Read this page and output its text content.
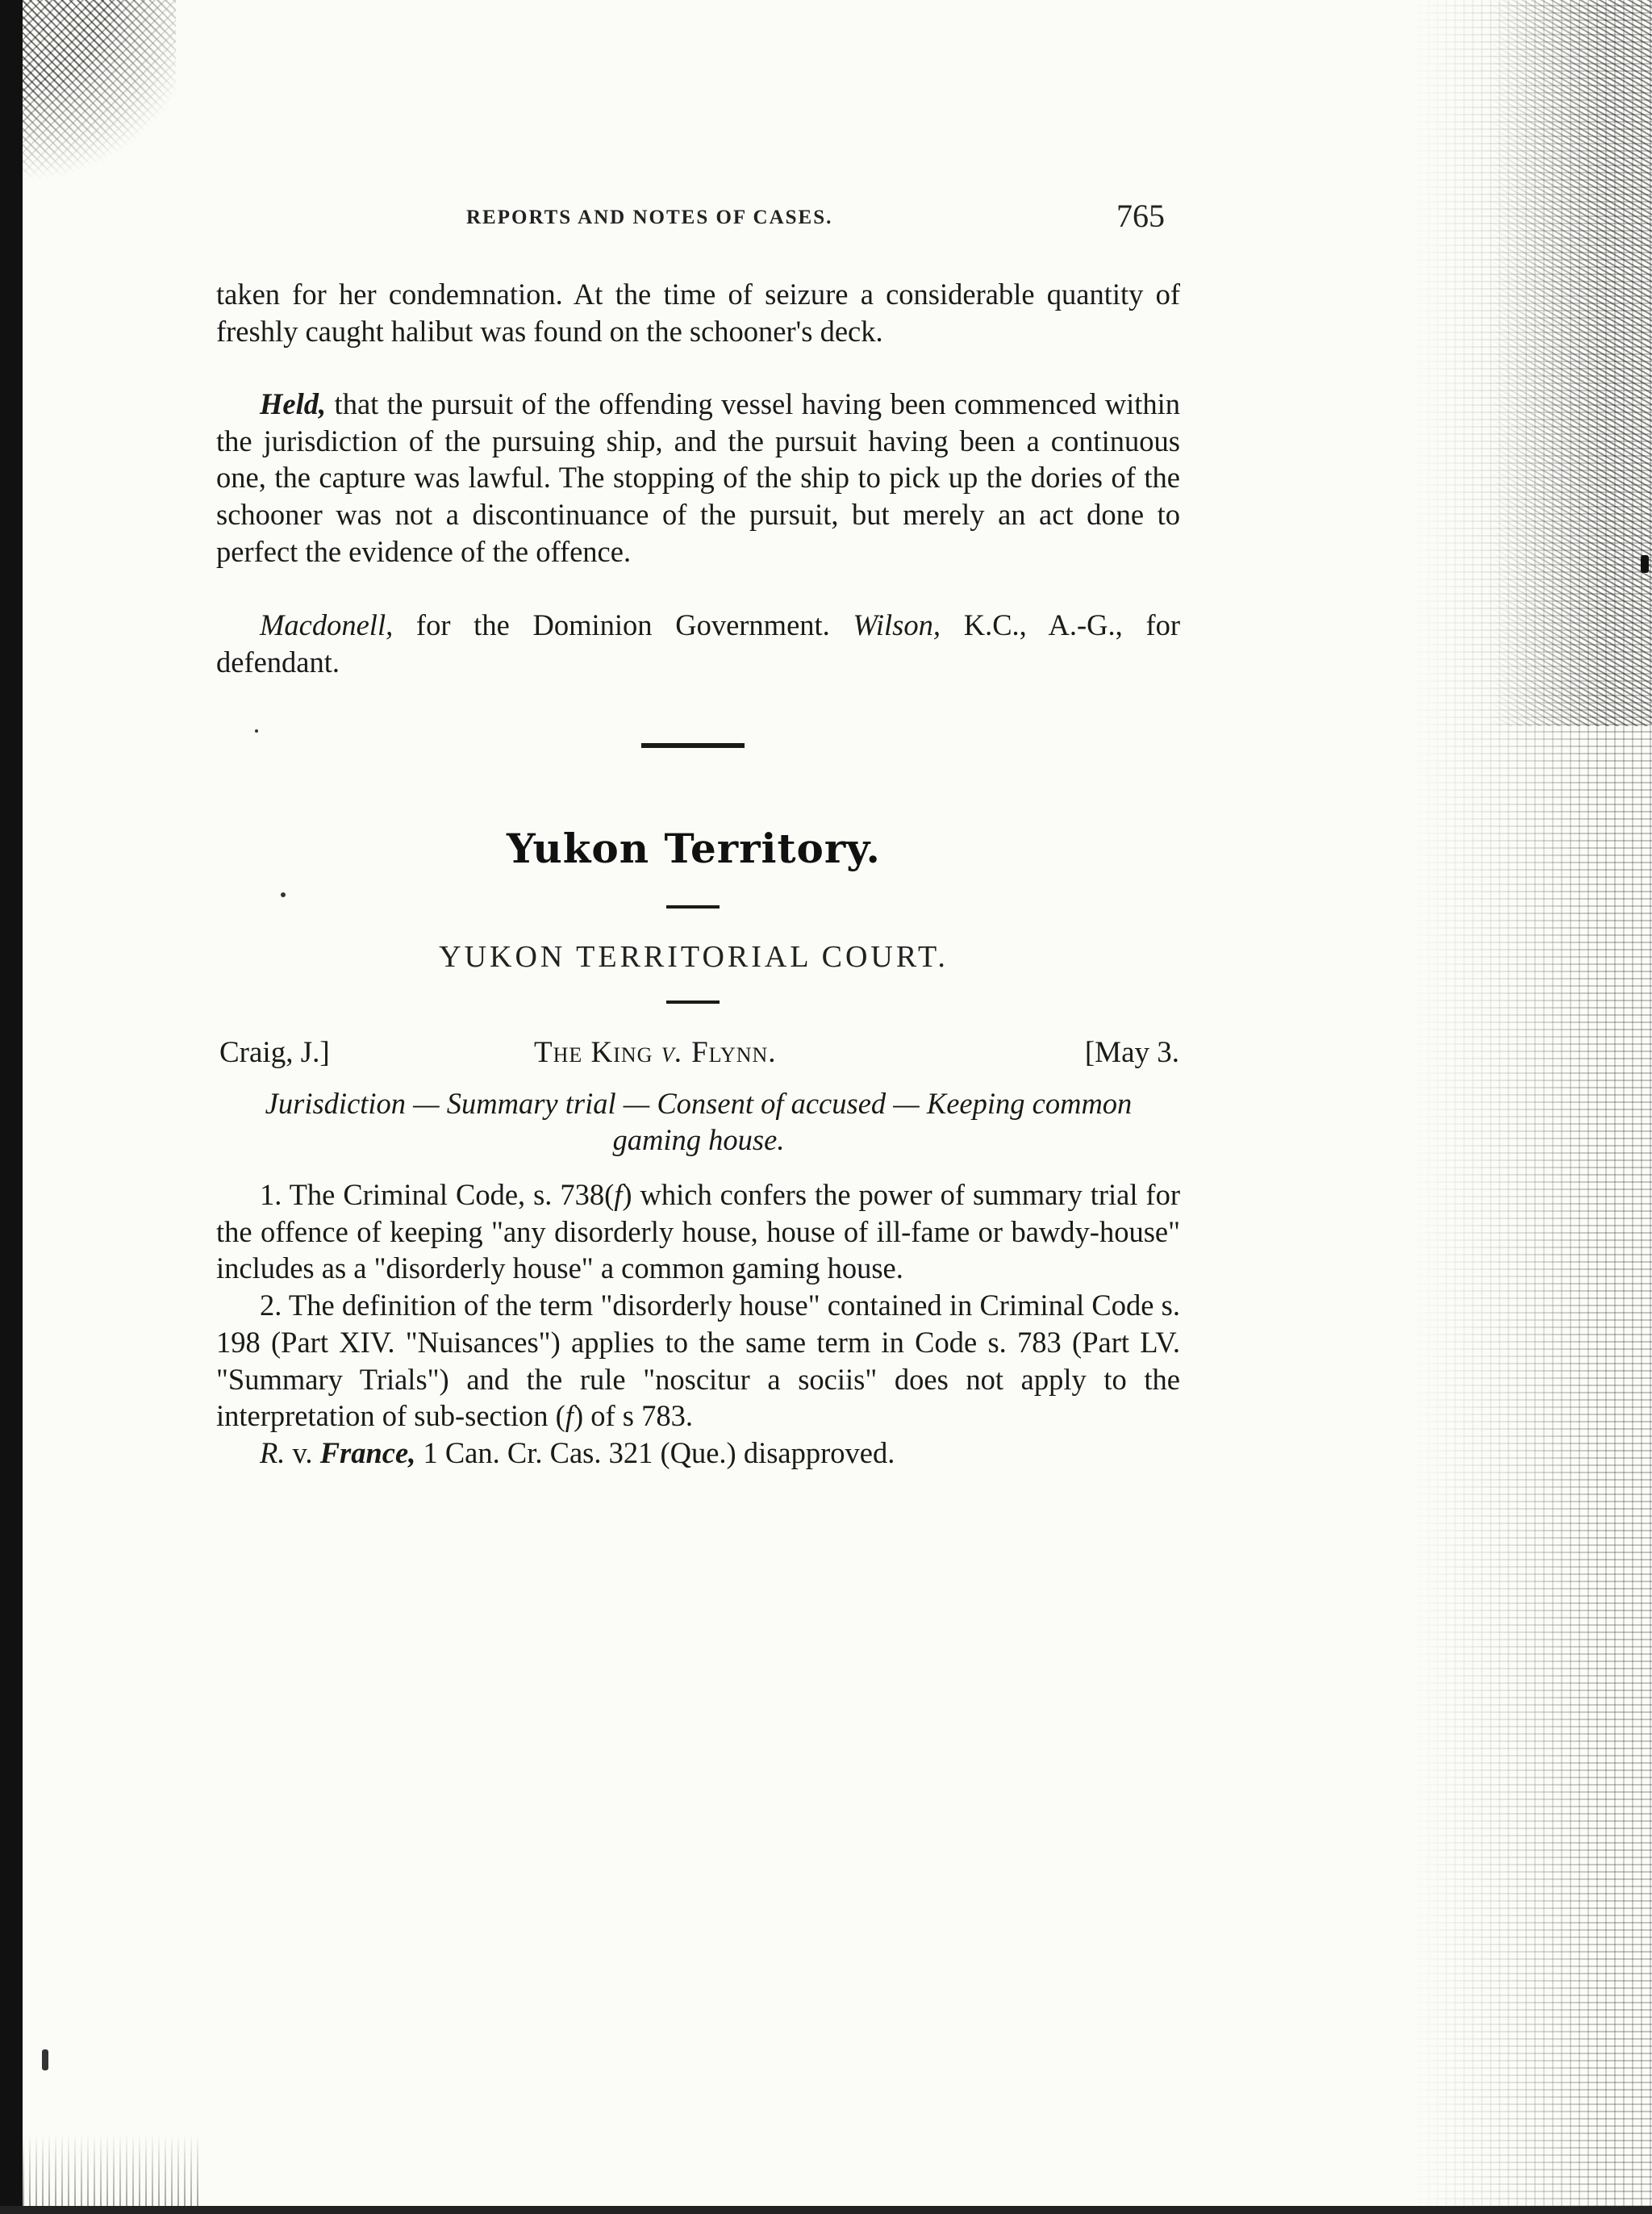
REPORTS AND NOTES OF CASES.	765

taken for her condemnation. At the time of seizure a considerable quantity of freshly caught halibut was found on the schooner's deck.

Held, that the pursuit of the offending vessel having been commenced within the jurisdiction of the pursuing ship, and the pursuit having been a continuous one, the capture was lawful. The stopping of the ship to pick up the dories of the schooner was not a discontinuance of the pursuit, but merely an act done to perfect the evidence of the offence.

Macdonell, for the Dominion Government. Wilson, K.C., A.-G., for defendant.

Yukon Territory.
YUKON TERRITORIAL COURT.
Craig, J.]	The King v. Flynn.	[May 3.
Jurisdiction — Summary trial — Consent of accused — Keeping common gaming house.

1. The Criminal Code, s. 738(f) which confers the power of summary trial for the offence of keeping "any disorderly house, house of ill-fame or bawdy-house" includes as a "disorderly house" a common gaming house.

2. The definition of the term "disorderly house" contained in Criminal Code s. 198 (Part XIV. "Nuisances") applies to the same term in Code s. 783 (Part LV. "Summary Trials") and the rule "noscitur a sociis" does not apply to the interpretation of sub-section (f) of s 783.

R. v. France, 1 Can. Cr. Cas. 321 (Que.) disapproved.
